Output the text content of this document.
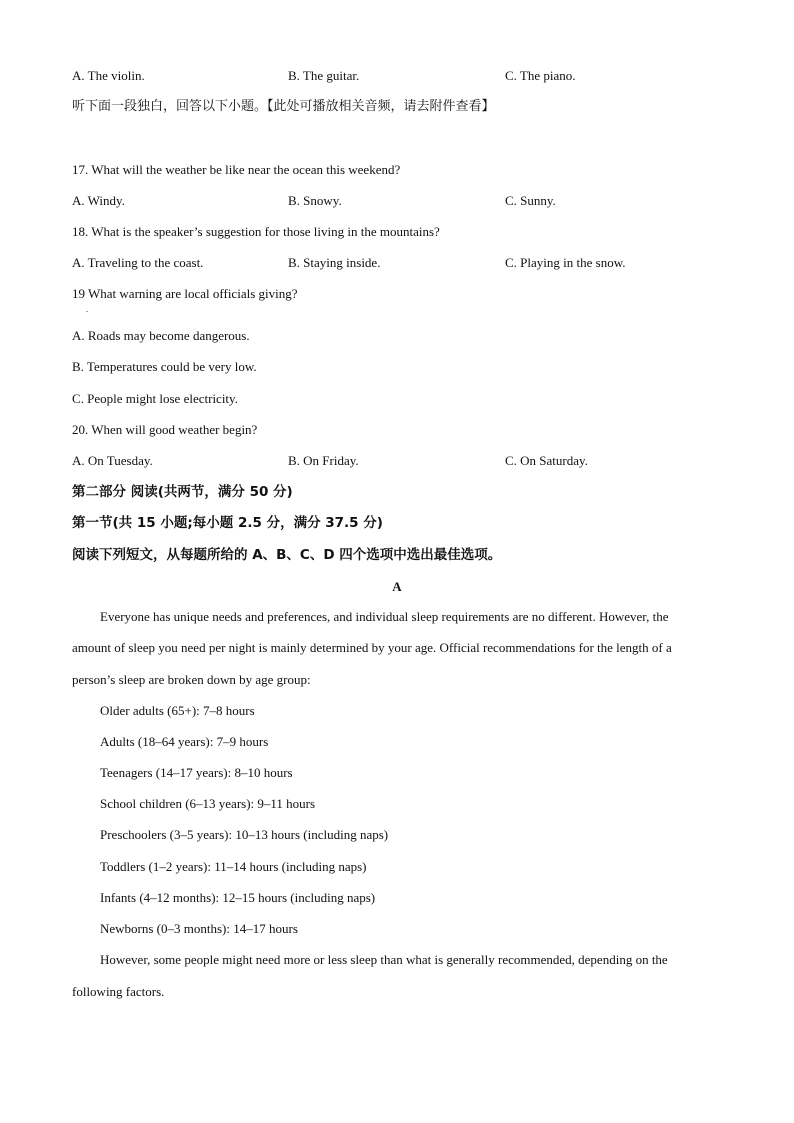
A. The violin.	B. The guitar.	C. The piano.
听下面一段独白，回答以下小题。【此处可播放相关音频，请去附件查看】
17. What will the weather be like near the ocean this weekend?
A. Windy.	B. Snowy.	C. Sunny.
18. What is the speaker’s suggestion for those living in the mountains?
A. Traveling to the coast.	B. Staying inside.	C. Playing in the snow.
19 What warning are local officials giving?
.
A. Roads may become dangerous.
B. Temperatures could be very low.
C. People might lose electricity.
20. When will good weather begin?
A. On Tuesday.	B. On Friday.	C. On Saturday.
第二部分 阅读(共两节，满分 50 分)
第一节(共 15 小题;每小题 2.5 分，满分 37.5 分)
阅读下列短文，从每题所给的 A、B、C、D 四个选项中选出最佳选项。
A
Everyone has unique needs and preferences, and individual sleep requirements are no different. However, the
amount of sleep you need per night is mainly determined by your age. Official recommendations for the length of a
person’s sleep are broken down by age group:
Older adults (65+): 7–8 hours
Adults (18–64 years): 7–9 hours
Teenagers (14–17 years): 8–10 hours
School children (6–13 years): 9–11 hours
Preschoolers (3–5 years): 10–13 hours (including naps)
Toddlers (1–2 years): 11–14 hours (including naps)
Infants (4–12 months): 12–15 hours (including naps)
Newborns (0–3 months): 14–17 hours
However, some people might need more or less sleep than what is generally recommended, depending on the
following factors.
